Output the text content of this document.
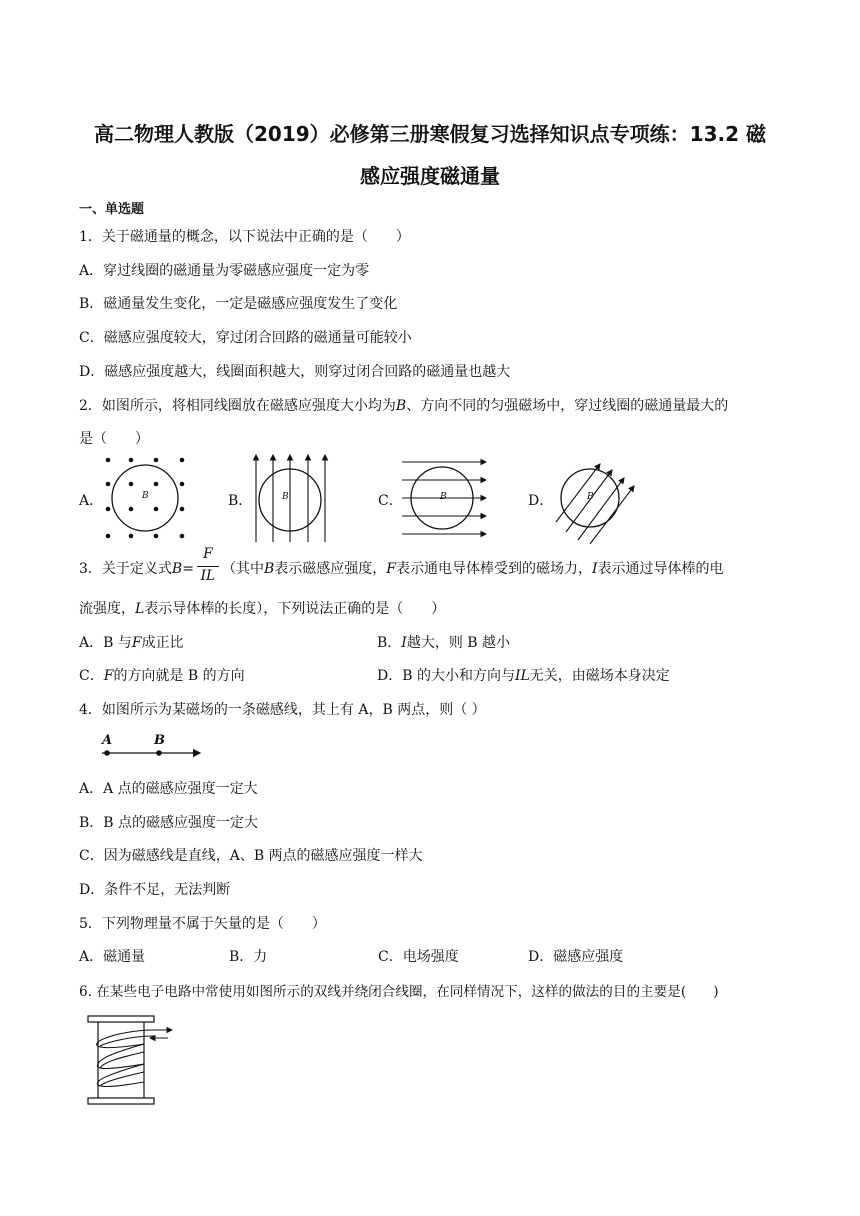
高二物理人教版（2019）必修第三册寒假复习选择知识点专项练：13.2 磁
感应强度磁通量
一、单选题
1．关于磁通量的概念，以下说法中正确的是（　　）
A．穿过线圈的磁通量为零磁感应强度一定为零
B．磁通量发生变化，一定是磁感应强度发生了变化
C．磁感应强度较大，穿过闭合回路的磁通量可能较小
D．磁感应强度越大，线圈面积越大，则穿过闭合回路的磁通量也越大
2．如图所示，将相同线圈放在磁感应强度大小均为B、方向不同的匀强磁场中，穿过线圈的磁通量最大的
是（　　）
A．	B	B．	B	C．	B	D．	B
3．关于定义式$B= \frac{F}{IL}$ （其中B表示磁感应强度，F表示通电导体棒受到的磁场力，I表示通过导体棒的电
流强度，L表示导体棒的长度），下列说法正确的是（　　）
A．B 与F成正比	B．I越大，则 B 越小
C．F的方向就是 B 的方向	D．B 的大小和方向与IL无关，由磁场本身决定
4．如图所示为某磁场的一条磁感线，其上有 A，B 两点，则（ ）
A	B
A．A 点的磁感应强度一定大
B．B 点的磁感应强度一定大
C．因为磁感线是直线，A、B 两点的磁感应强度一样大
D．条件不足，无法判断
5．下列物理量不属于矢量的是（　　）
A．磁通量	B．力	C．电场强度	D．磁感应强度
6. 在某些电子电路中常使用如图所示的双线并绕闭合线圈，在同样情况下，这样的做法的目的主要是(　　)
